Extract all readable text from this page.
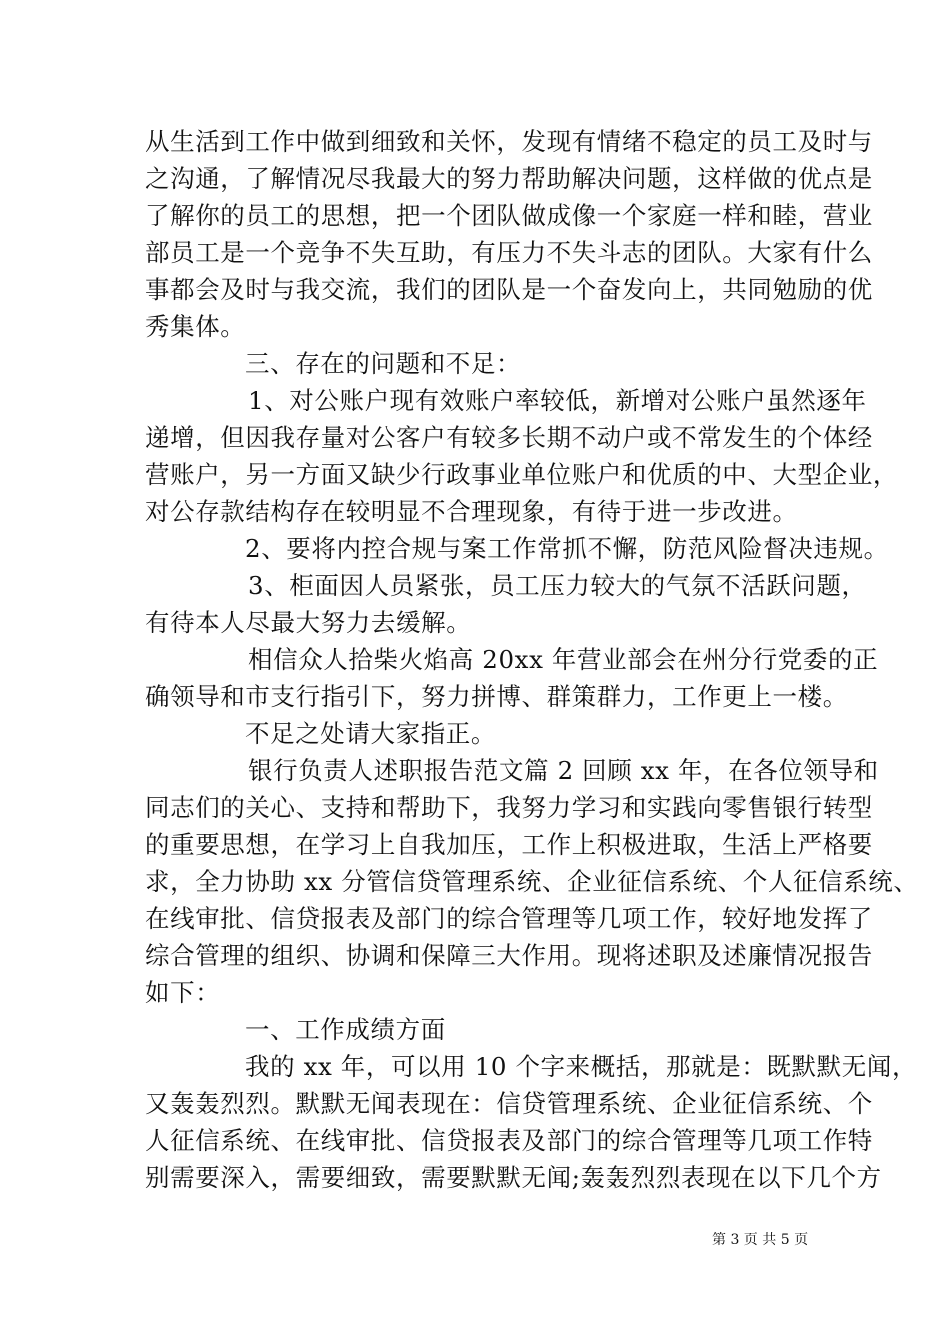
从生活到工作中做到细致和关怀，发现有情绪不稳定的员工及时与
之沟通，了解情况尽我最大的努力帮助解决问题，这样做的优点是
了解你的员工的思想，把一个团队做成像一个家庭一样和睦，营业
部员工是一个竞争不失互助，有压力不失斗志的团队。大家有什么
事都会及时与我交流，我们的团队是一个奋发向上，共同勉励的优
秀集体。
三、存在的问题和不足：
1、对公账户现有效账户率较低，新增对公账户虽然逐年
递增，但因我存量对公客户有较多长期不动户或不常发生的个体经
营账户，另一方面又缺少行政事业单位账户和优质的中、大型企业，
对公存款结构存在较明显不合理现象，有待于进一步改进。
2、要将内控合规与案工作常抓不懈，防范风险督决违规。
3、柜面因人员紧张，员工压力较大的气氛不活跃问题，
有待本人尽最大努力去缓解。
相信众人拾柴火焰高 20xx 年营业部会在州分行党委的正
确领导和市支行指引下，努力拼博、群策群力，工作更上一楼。
不足之处请大家指正。
银行负责人述职报告范文篇 2 回顾 xx 年，在各位领导和
同志们的关心、支持和帮助下，我努力学习和实践向零售银行转型
的重要思想，在学习上自我加压，工作上积极进取，生活上严格要
求，全力协助 xx 分管信贷管理系统、企业征信系统、个人征信系统、
在线审批、信贷报表及部门的综合管理等几项工作，较好地发挥了
综合管理的组织、协调和保障三大作用。现将述职及述廉情况报告
如下：
一、工作成绩方面
我的 xx 年，可以用 10 个字来概括，那就是：既默默无闻，
又轰轰烈烈。默默无闻表现在：信贷管理系统、企业征信系统、个
人征信系统、在线审批、信贷报表及部门的综合管理等几项工作特
别需要深入，需要细致，需要默默无闻;轰轰烈烈表现在以下几个方
第 3 页 共 5 页
